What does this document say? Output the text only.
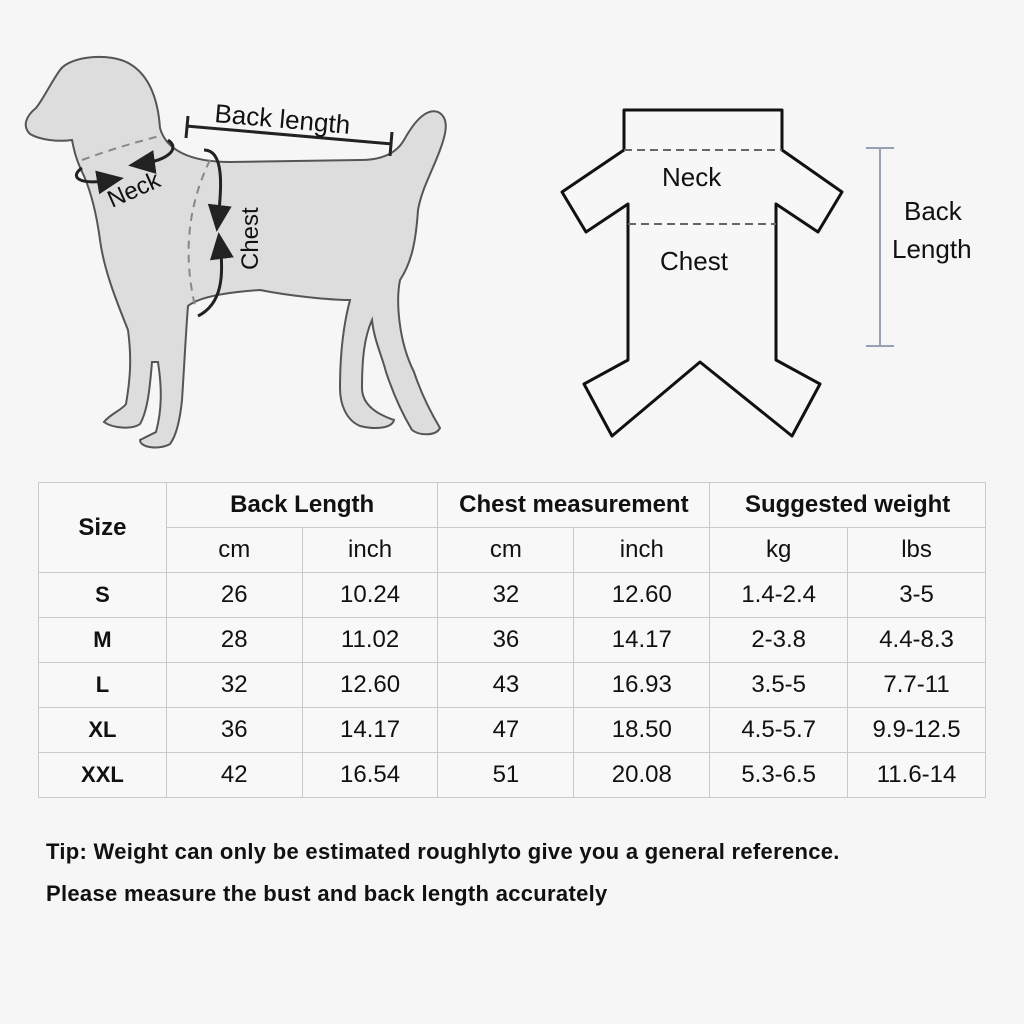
Back length
Neck
Chest
Neck
Chest
Back
Length
Size	Back Length		Chest measurement		Suggested weight	
	cm	inch	cm	inch	kg	lbs
S	26	10.24	32	12.60	1.4-2.4	3-5
M	28	11.02	36	14.17	2-3.8	4.4-8.3
L	32	12.60	43	16.93	3.5-5	7.7-11
XL	36	14.17	47	18.50	4.5-5.7	9.9-12.5
XXL	42	16.54	51	20.08	5.3-6.5	11.6-14

Tip: Weight can only be estimated roughlyto give you a general reference.

Please measure the bust and back length accurately
